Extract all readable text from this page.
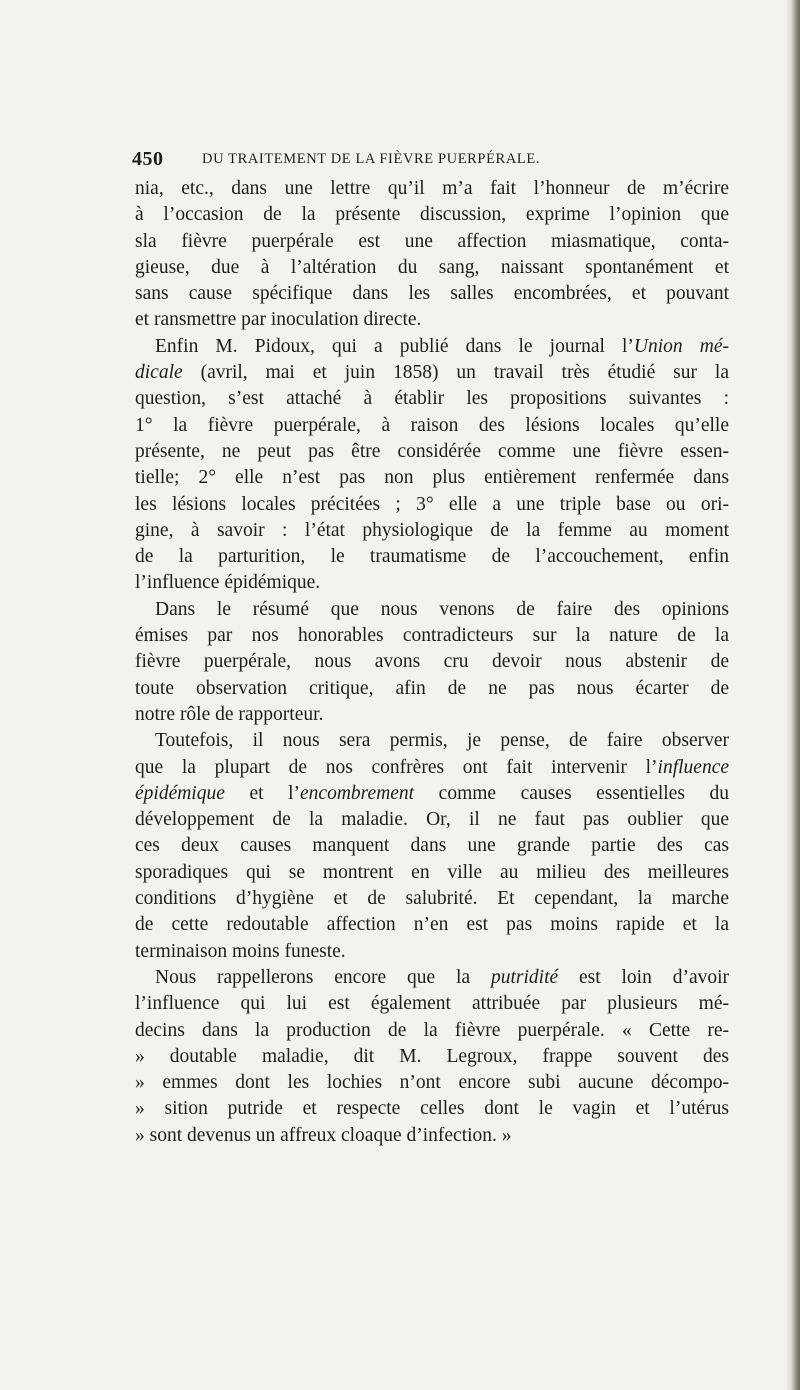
450	DU TRAITEMENT DE LA FIÈVRE PUERPÉRALE.
nia, etc., dans une lettre qu’il m’a fait l’honneur de m’écrire
à l’occasion de la présente discussion, exprime l’opinion que
sla fièvre puerpérale est une affection miasmatique, conta-
gieuse, due à l’altération du sang, naissant spontanément et
sans cause spécifique dans les salles encombrées, et pouvant
et ransmettre par inoculation directe.
Enfin M. Pidoux, qui a publié dans le journal l’Union mé-
dicale (avril, mai et juin 1858) un travail très étudié sur la
question, s’est attaché à établir les propositions suivantes :
1° la fièvre puerpérale, à raison des lésions locales qu’elle
présente, ne peut pas être considérée comme une fièvre essen-
tielle; 2° elle n’est pas non plus entièrement renfermée dans
les lésions locales précitées ; 3° elle a une triple base ou ori-
gine, à savoir : l’état physiologique de la femme au moment
de la parturition, le traumatisme de l’accouchement, enfin
l’influence épidémique.
Dans le résumé que nous venons de faire des opinions
émises par nos honorables contradicteurs sur la nature de la
fièvre puerpérale, nous avons cru devoir nous abstenir de
toute observation critique, afin de ne pas nous écarter de
notre rôle de rapporteur.
Toutefois, il nous sera permis, je pense, de faire observer
que la plupart de nos confrères ont fait intervenir l’influence
épidémique et l’encombrement comme causes essentielles du
développement de la maladie. Or, il ne faut pas oublier que
ces deux causes manquent dans une grande partie des cas
sporadiques qui se montrent en ville au milieu des meilleures
conditions d’hygiène et de salubrité. Et cependant, la marche
de cette redoutable affection n’en est pas moins rapide et la
terminaison moins funeste.
Nous rappellerons encore que la putridité est loin d’avoir
l’influence qui lui est également attribuée par plusieurs mé-
decins dans la production de la fièvre puerpérale. « Cette re-
» doutable maladie, dit M. Legroux, frappe souvent des
» emmes dont les lochies n’ont encore subi aucune décompo-
» sition putride et respecte celles dont le vagin et l’utérus
» sont devenus un affreux cloaque d’infection. »
